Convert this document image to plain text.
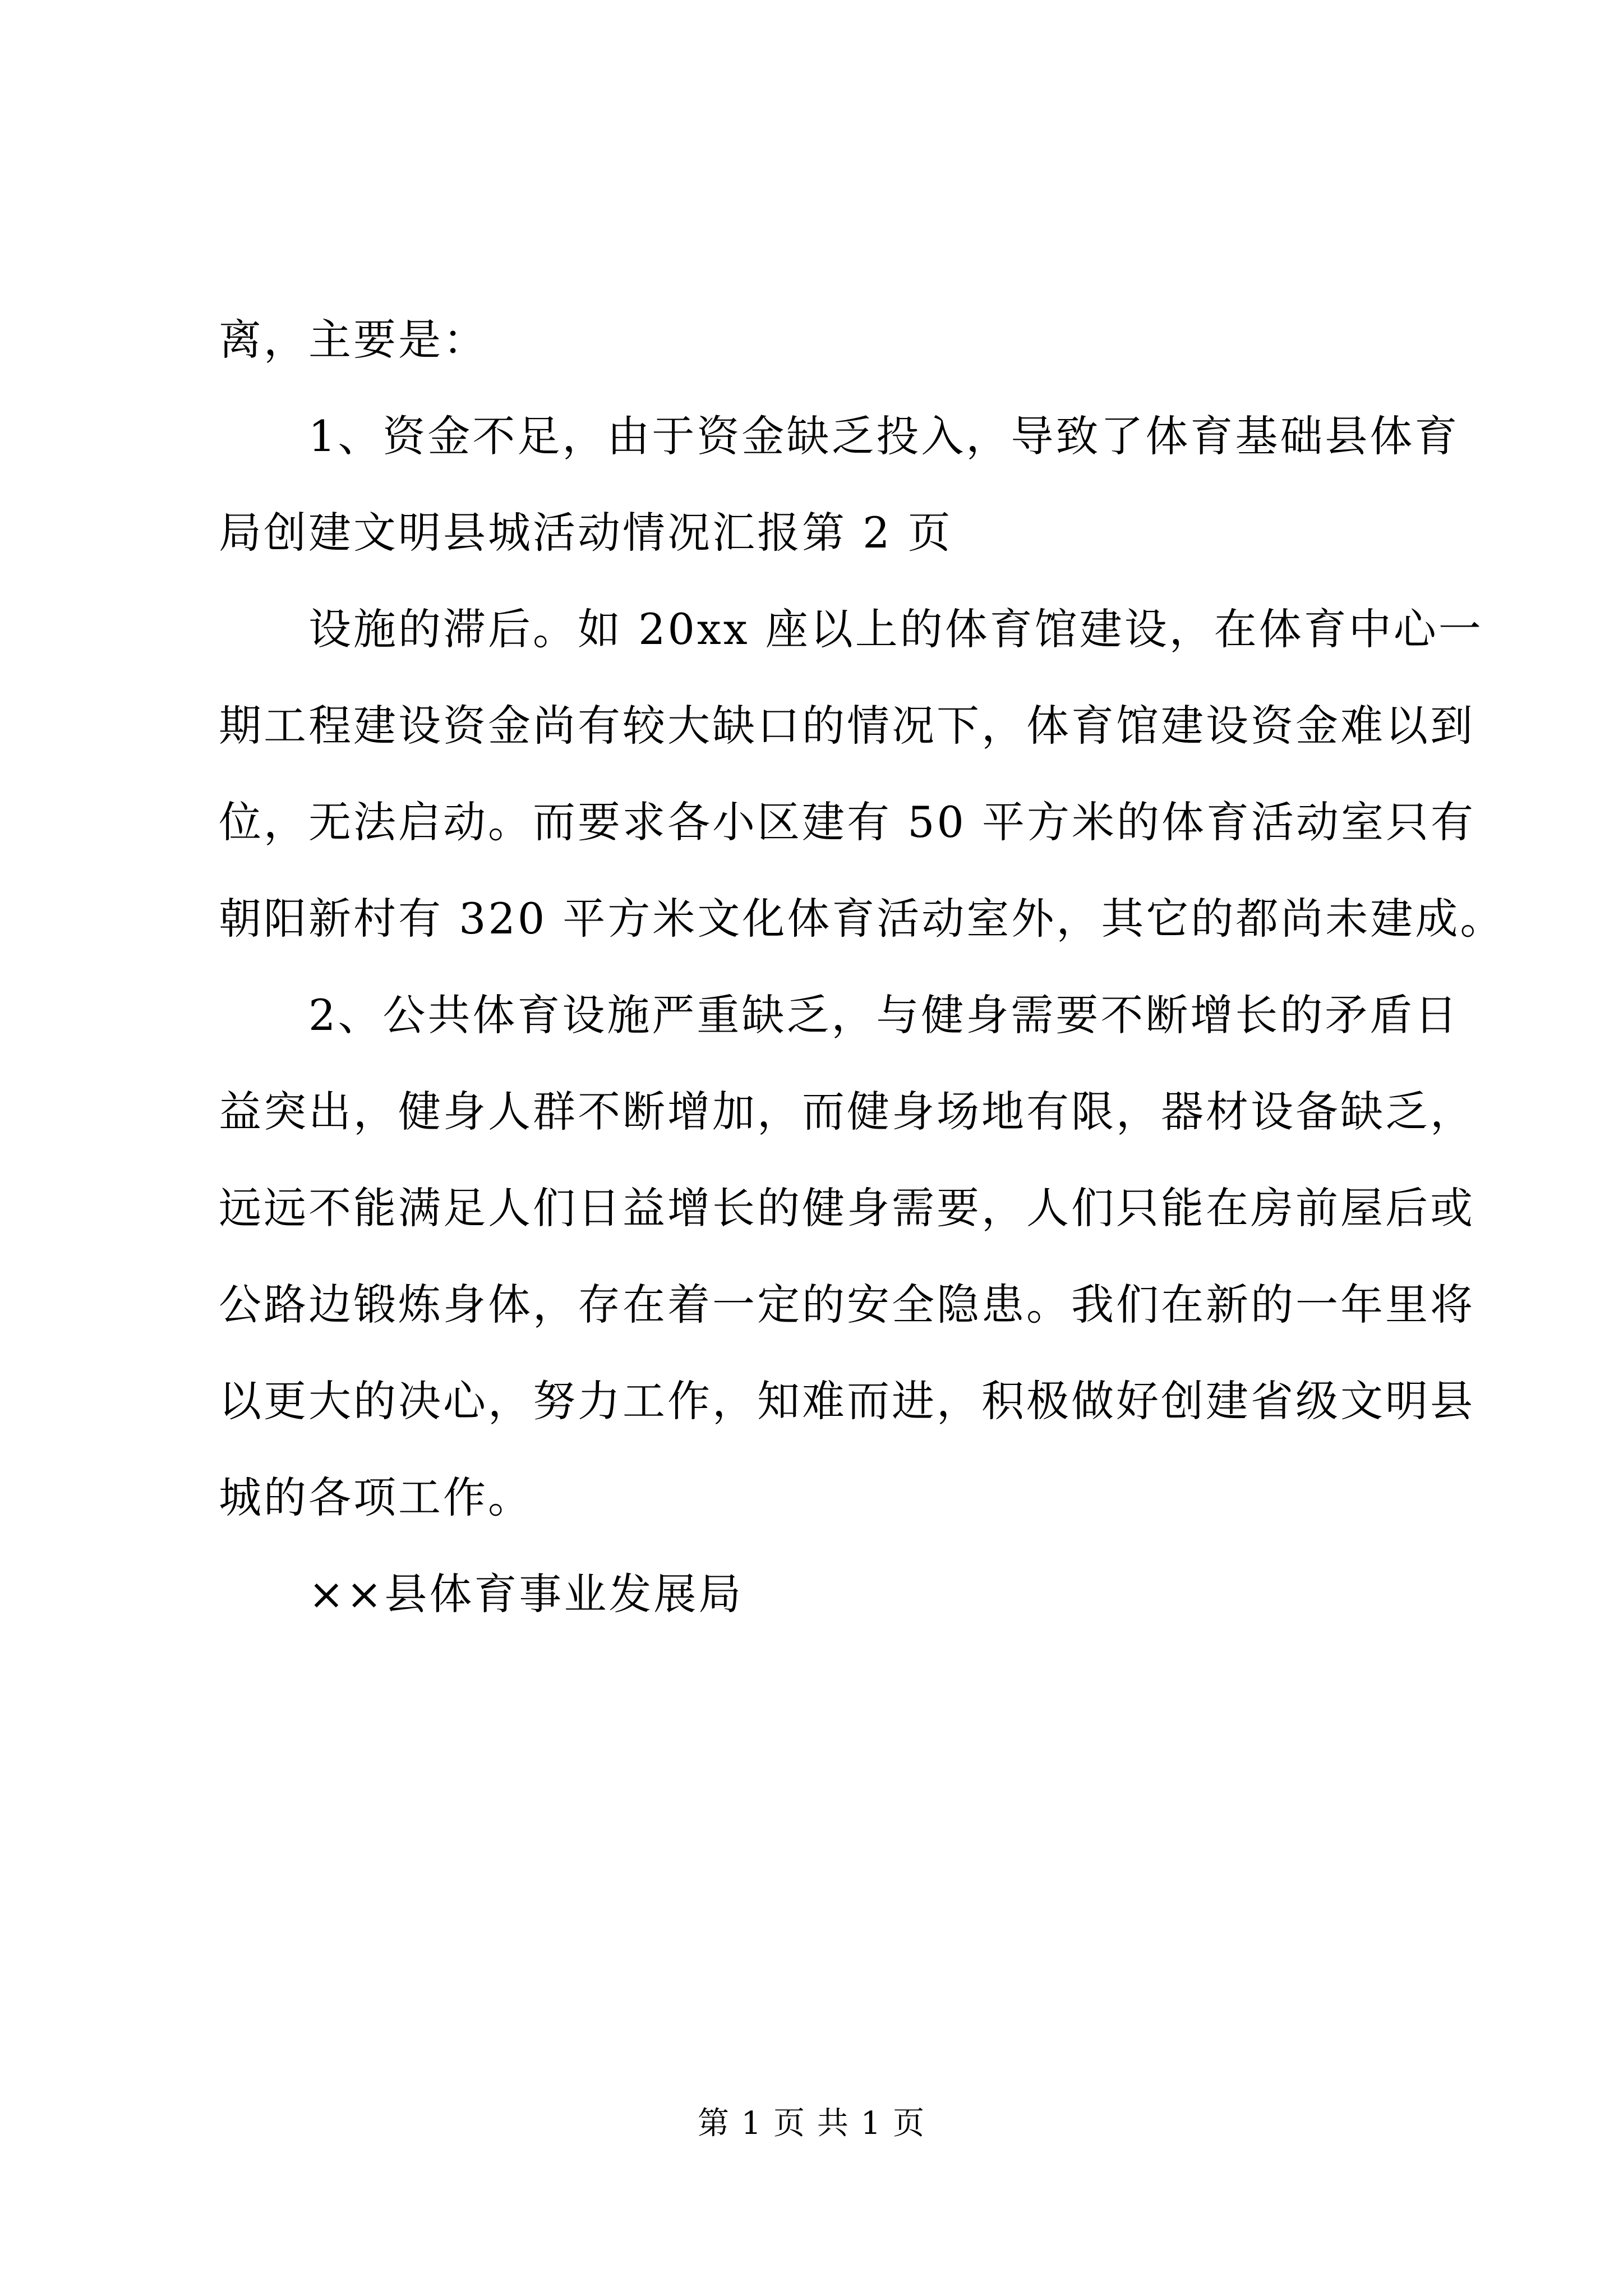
离，主要是：
1、资金不足，由于资金缺乏投入，导致了体育基础县体育
局创建文明县城活动情况汇报第 2 页
设施的滞后。如 20xx 座以上的体育馆建设，在体育中心一
期工程建设资金尚有较大缺口的情况下，体育馆建设资金难以到
位，无法启动。而要求各小区建有 50 平方米的体育活动室只有
朝阳新村有 320 平方米文化体育活动室外，其它的都尚未建成。
2、公共体育设施严重缺乏，与健身需要不断增长的矛盾日
益突出，健身人群不断增加，而健身场地有限，器材设备缺乏，
远远不能满足人们日益增长的健身需要，人们只能在房前屋后或
公路边锻炼身体，存在着一定的安全隐患。我们在新的一年里将
以更大的决心，努力工作，知难而进，积极做好创建省级文明县
城的各项工作。
××县体育事业发展局
第 1 页 共 1 页
